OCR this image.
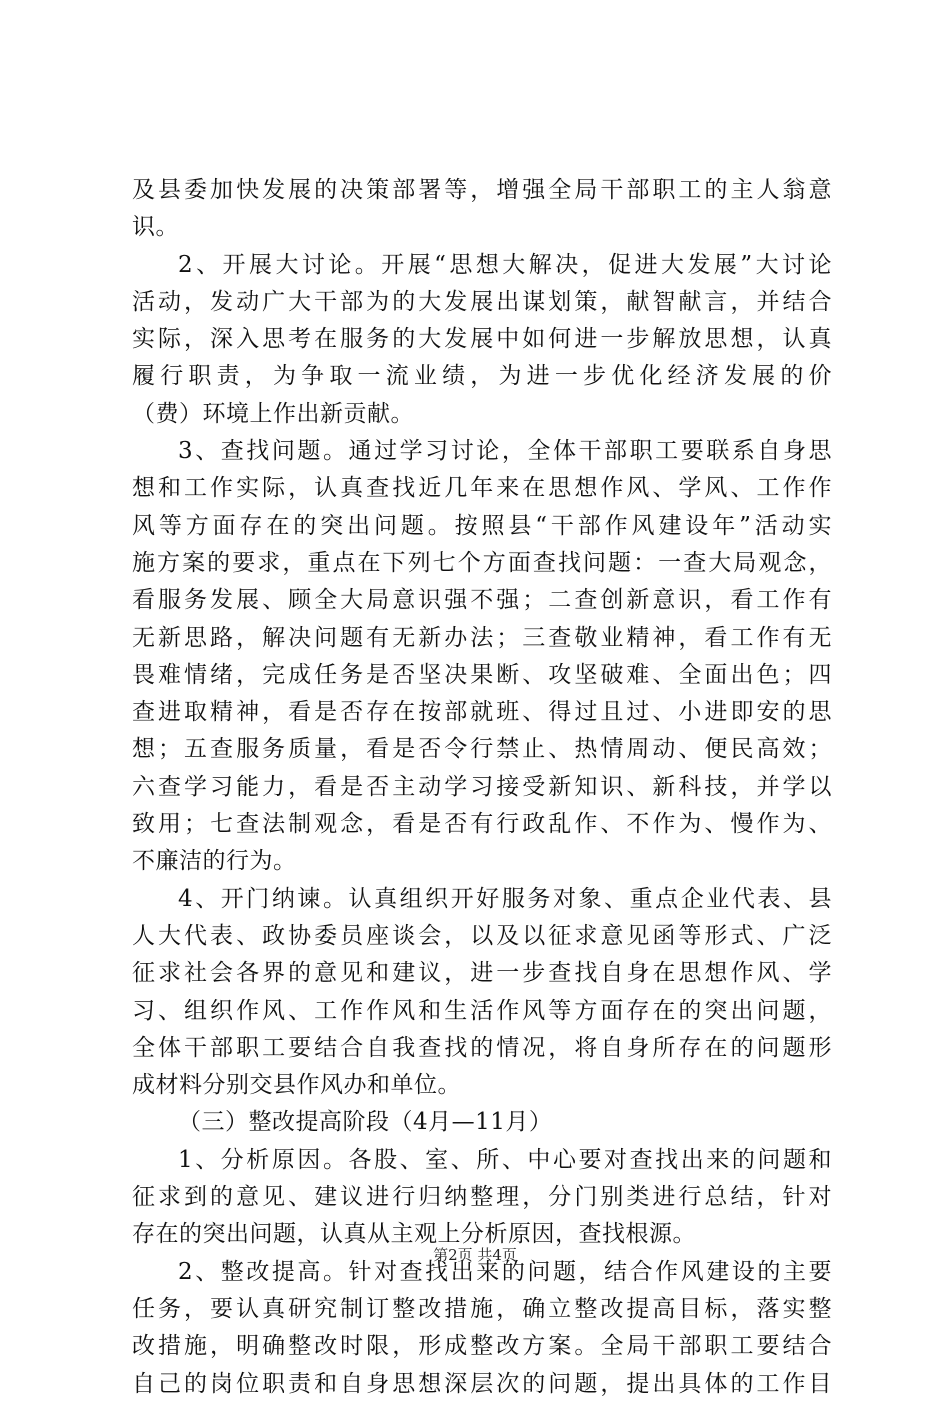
及县委加快发展的决策部署等，增强全局干部职工的主人翁意
识。
2、开展大讨论。开展“思想大解决，促进大发展”大讨论
活动，发动广大干部为的大发展出谋划策，献智献言，并结合
实际，深入思考在服务的大发展中如何进一步解放思想，认真
履行职责，为争取一流业绩，为进一步优化经济发展的价
（费）环境上作出新贡献。
3、查找问题。通过学习讨论，全体干部职工要联系自身思
想和工作实际，认真查找近几年来在思想作风、学风、工作作
风等方面存在的突出问题。按照县“干部作风建设年”活动实
施方案的要求，重点在下列七个方面查找问题：一查大局观念，
看服务发展、顾全大局意识强不强；二查创新意识，看工作有
无新思路，解决问题有无新办法；三查敬业精神，看工作有无
畏难情绪，完成任务是否坚决果断、攻坚破难、全面出色；四
查进取精神，看是否存在按部就班、得过且过、小进即安的思
想；五查服务质量，看是否令行禁止、热情周动、便民高效；
六查学习能力，看是否主动学习接受新知识、新科技，并学以
致用；七查法制观念，看是否有行政乱作、不作为、慢作为、
不廉洁的行为。
4、开门纳谏。认真组织开好服务对象、重点企业代表、县
人大代表、政协委员座谈会，以及以征求意见函等形式、广泛
征求社会各界的意见和建议，进一步查找自身在思想作风、学
习、组织作风、工作作风和生活作风等方面存在的突出问题，
全体干部职工要结合自我查找的情况，将自身所存在的问题形
成材料分别交县作风办和单位。
（三）整改提高阶段（4月—11月）
1、分析原因。各股、室、所、中心要对查找出来的问题和
征求到的意见、建议进行归纳整理，分门别类进行总结，针对
存在的突出问题，认真从主观上分析原因，查找根源。
2、整改提高。针对查找出来的问题，结合作风建设的主要
任务，要认真研究制订整改措施，确立整改提高目标，落实整
改措施，明确整改时限，形成整改方案。全局干部职工要结合
自己的岗位职责和自身思想深层次的问题，提出具体的工作目
第2页 共4页
